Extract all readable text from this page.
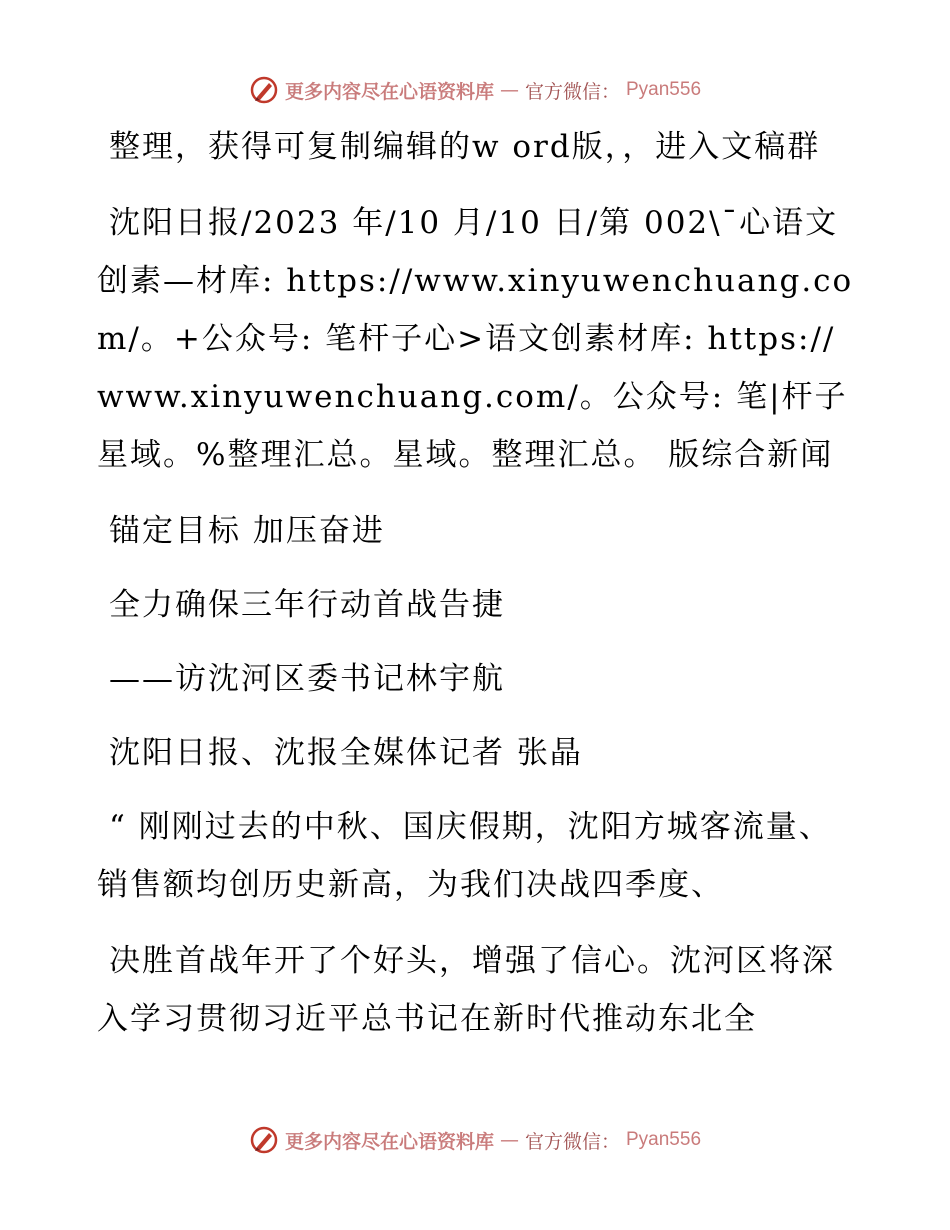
更多内容尽在心语资料库 — 官方微信： Pyan556

整理，获得可复制编辑的w ord版，，进入文稿群

沈阳日报/2023 年/10 月/10 日/第 002\¯心语文创素—材库: https://www.xinyuwenchuang.com/。+公众号: 笔杆子心>语文创素材库: https://www.xinyuwenchuang.com/。公众号: 笔|杆子星域。%整理汇总。星域。整理汇总。 版综合新闻

锚定目标 加压奋进

全力确保三年行动首战告捷

——访沈河区委书记林宇航

沈阳日报、沈报全媒体记者 张晶

“ 刚刚过去的中秋、国庆假期，沈阳方城客流量、销售额均创历史新高，为我们决战四季度、

决胜首战年开了个好头，增强了信心。沈河区将深入学习贯彻习近平总书记在新时代推动东北全

更多内容尽在心语资料库 — 官方微信： Pyan556
